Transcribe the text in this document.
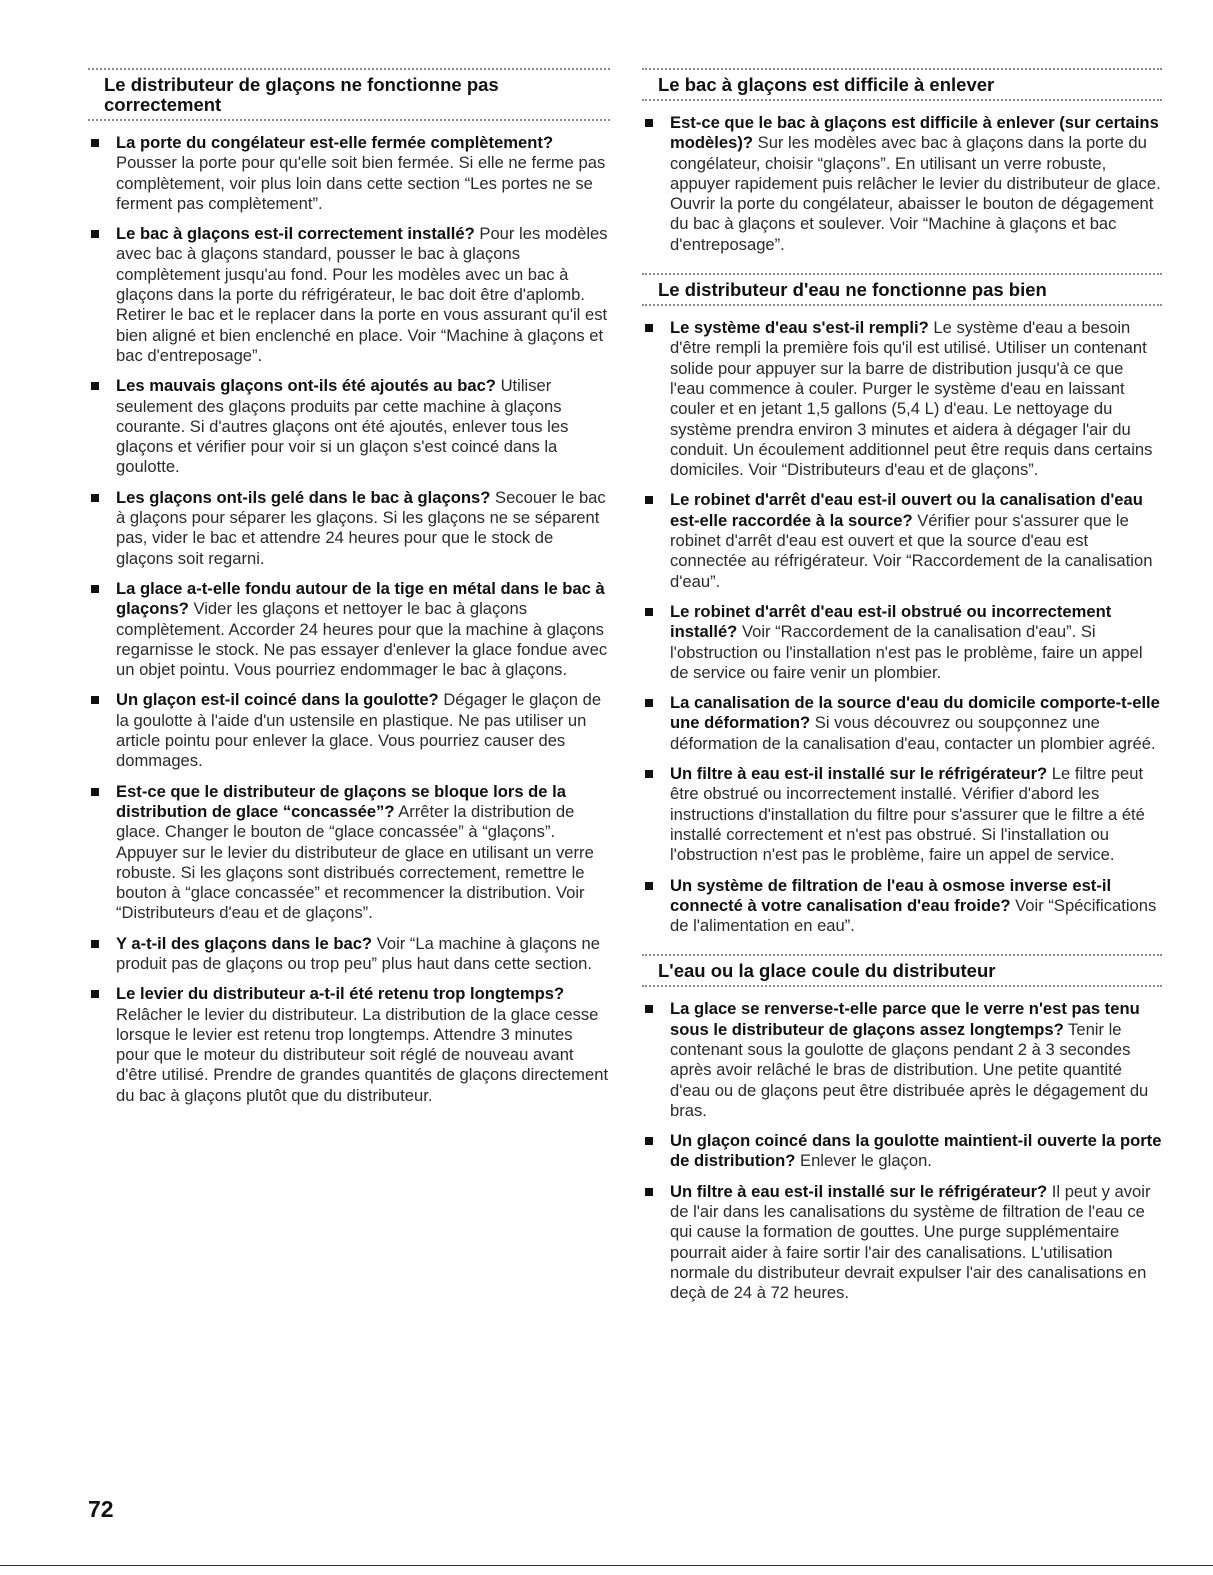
Le distributeur de glaçons ne fonctionne pas correctement
La porte du congélateur est-elle fermée complètement? Pousser la porte pour qu'elle soit bien fermée. Si elle ne ferme pas complètement, voir plus loin dans cette section “Les portes ne se ferment pas complètement”.
Le bac à glaçons est-il correctement installé? Pour les modèles avec bac à glaçons standard, pousser le bac à glaçons complètement jusqu'au fond. Pour les modèles avec un bac à glaçons dans la porte du réfrigérateur, le bac doit être d'aplomb. Retirer le bac et le replacer dans la porte en vous assurant qu'il est bien aligné et bien enclenché en place. Voir “Machine à glaçons et bac d'entreposage”.
Les mauvais glaçons ont-ils été ajoutés au bac? Utiliser seulement des glaçons produits par cette machine à glaçons courante. Si d'autres glaçons ont été ajoutés, enlever tous les glaçons et vérifier pour voir si un glaçon s'est coincé dans la goulotte.
Les glaçons ont-ils gelé dans le bac à glaçons? Secouer le bac à glaçons pour séparer les glaçons. Si les glaçons ne se séparent pas, vider le bac et attendre 24 heures pour que le stock de glaçons soit regarni.
La glace a-t-elle fondu autour de la tige en métal dans le bac à glaçons? Vider les glaçons et nettoyer le bac à glaçons complètement. Accorder 24 heures pour que la machine à glaçons regarnisse le stock. Ne pas essayer d'enlever la glace fondue avec un objet pointu. Vous pourriez endommager le bac à glaçons.
Un glaçon est-il coincé dans la goulotte? Dégager le glaçon de la goulotte à l'aide d'un ustensile en plastique. Ne pas utiliser un article pointu pour enlever la glace. Vous pourriez causer des dommages.
Est-ce que le distributeur de glaçons se bloque lors de la distribution de glace “concassée”? Arrêter la distribution de glace. Changer le bouton de “glace concassée” à “glaçons”. Appuyer sur le levier du distributeur de glace en utilisant un verre robuste. Si les glaçons sont distribués correctement, remettre le bouton à “glace concassée” et recommencer la distribution. Voir “Distributeurs d'eau et de glaçons”.
Y a-t-il des glaçons dans le bac? Voir “La machine à glaçons ne produit pas de glaçons ou trop peu” plus haut dans cette section.
Le levier du distributeur a-t-il été retenu trop longtemps? Relâcher le levier du distributeur. La distribution de la glace cesse lorsque le levier est retenu trop longtemps. Attendre 3 minutes pour que le moteur du distributeur soit réglé de nouveau avant d'être utilisé. Prendre de grandes quantités de glaçons directement du bac à glaçons plutôt que du distributeur.
Le bac à glaçons est difficile à enlever
Est-ce que le bac à glaçons est difficile à enlever (sur certains modèles)? Sur les modèles avec bac à glaçons dans la porte du congélateur, choisir “glaçons”. En utilisant un verre robuste, appuyer rapidement puis relâcher le levier du distributeur de glace. Ouvrir la porte du congélateur, abaisser le bouton de dégagement du bac à glaçons et soulever. Voir “Machine à glaçons et bac d'entreposage”.
Le distributeur d'eau ne fonctionne pas bien
Le système d'eau s'est-il rempli? Le système d'eau a besoin d'être rempli la première fois qu'il est utilisé. Utiliser un contenant solide pour appuyer sur la barre de distribution jusqu'à ce que l'eau commence à couler. Purger le système d'eau en laissant couler et en jetant 1,5 gallons (5,4 L) d'eau. Le nettoyage du système prendra environ 3 minutes et aidera à dégager l'air du conduit. Un écoulement additionnel peut être requis dans certains domiciles. Voir “Distributeurs d'eau et de glaçons”.
Le robinet d'arrêt d'eau est-il ouvert ou la canalisation d'eau est-elle raccordée à la source? Vérifier pour s'assurer que le robinet d'arrêt d'eau est ouvert et que la source d'eau est connectée au réfrigérateur. Voir “Raccordement de la canalisation d'eau”.
Le robinet d'arrêt d'eau est-il obstrué ou incorrectement installé? Voir “Raccordement de la canalisation d'eau”. Si l'obstruction ou l'installation n'est pas le problème, faire un appel de service ou faire venir un plombier.
La canalisation de la source d'eau du domicile comporte-t-elle une déformation? Si vous découvrez ou soupçonnez une déformation de la canalisation d'eau, contacter un plombier agréé.
Un filtre à eau est-il installé sur le réfrigérateur? Le filtre peut être obstrué ou incorrectement installé. Vérifier d'abord les instructions d'installation du filtre pour s'assurer que le filtre a été installé correctement et n'est pas obstrué. Si l'installation ou l'obstruction n'est pas le problème, faire un appel de service.
Un système de filtration de l'eau à osmose inverse est-il connecté à votre canalisation d'eau froide? Voir “Spécifications de l'alimentation en eau”.
L'eau ou la glace coule du distributeur
La glace se renverse-t-elle parce que le verre n'est pas tenu sous le distributeur de glaçons assez longtemps? Tenir le contenant sous la goulotte de glaçons pendant 2 à 3 secondes après avoir relâché le bras de distribution. Une petite quantité d'eau ou de glaçons peut être distribuée après le dégagement du bras.
Un glaçon coincé dans la goulotte maintient-il ouverte la porte de distribution? Enlever le glaçon.
Un filtre à eau est-il installé sur le réfrigérateur? Il peut y avoir de l'air dans les canalisations du système de filtration de l'eau ce qui cause la formation de gouttes. Une purge supplémentaire pourrait aider à faire sortir l'air des canalisations. L'utilisation normale du distributeur devrait expulser l'air des canalisations en deçà de 24 à 72 heures.
72
